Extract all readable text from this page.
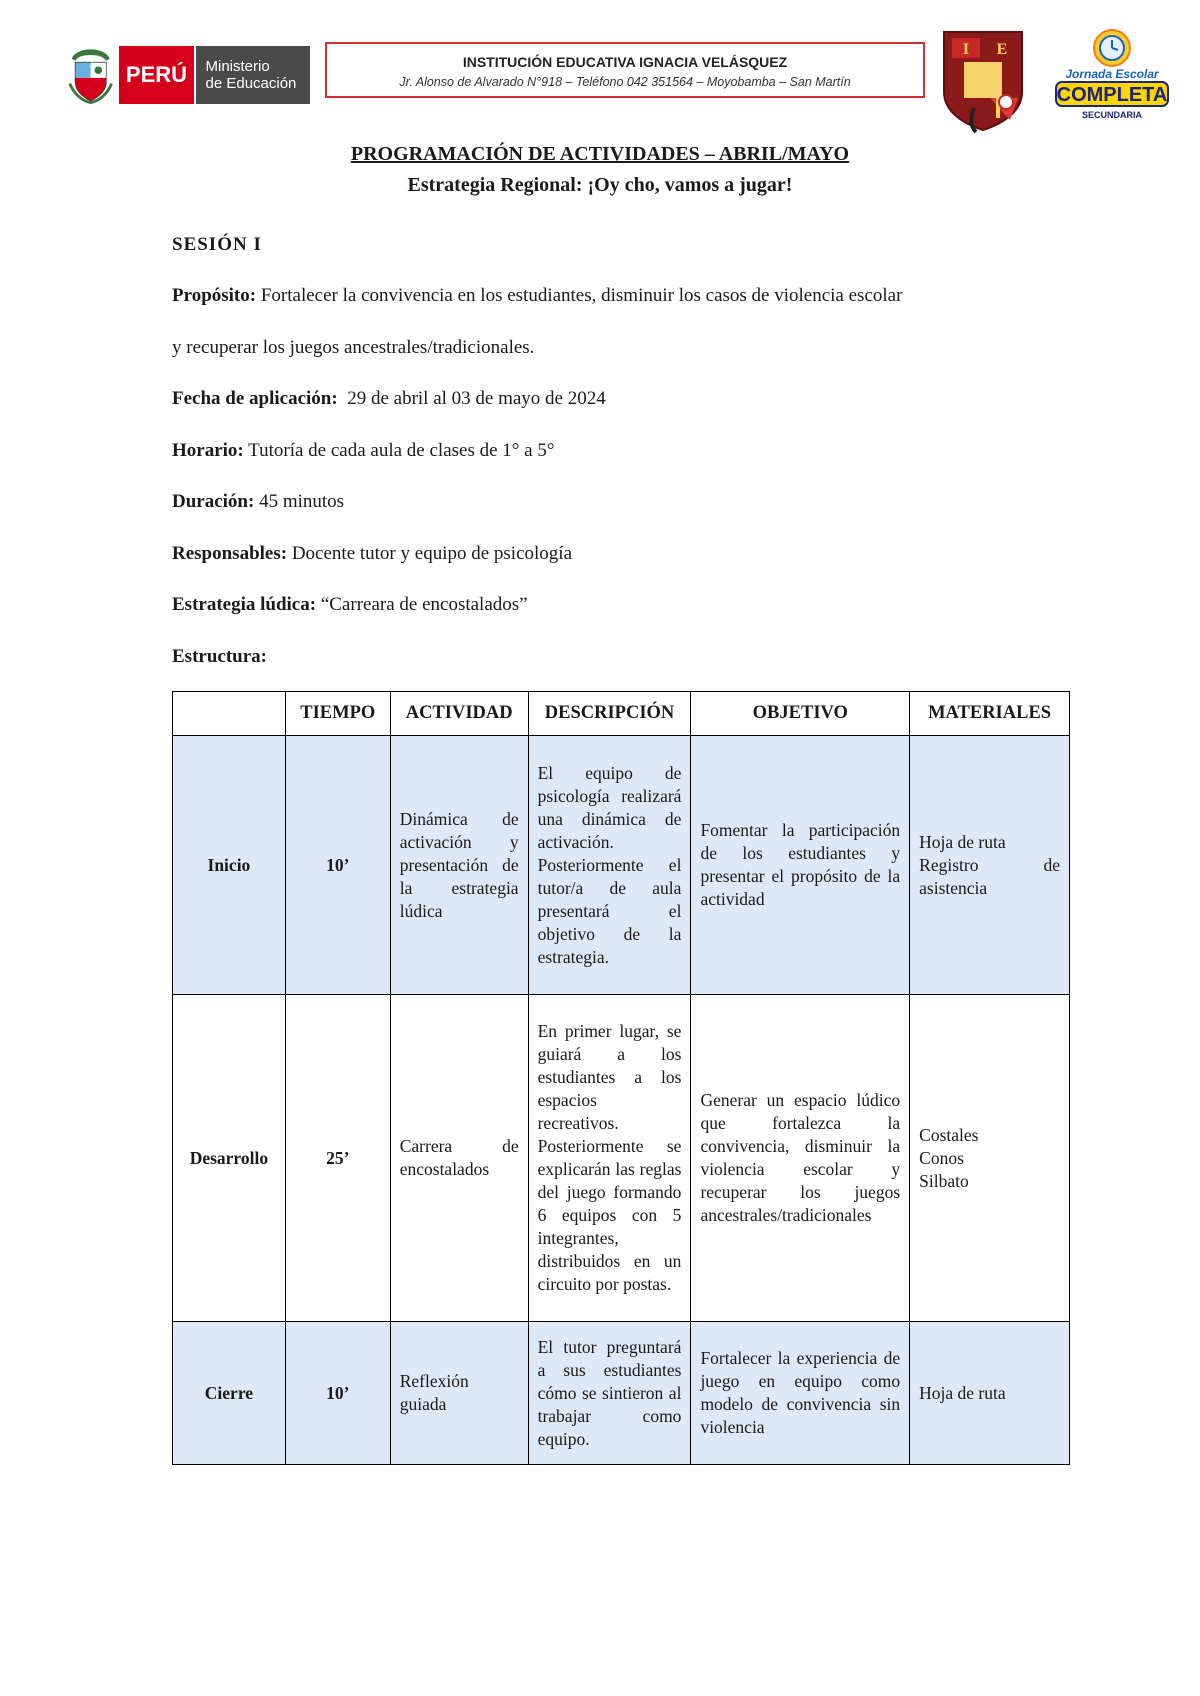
PERÚ	Ministerio
de Educación
INSTITUCIÓN EDUCATIVA IGNACIA VELÁSQUEZ
Jr. Alonso de Alvarado N°918 – Teléfono 042 351564 – Moyobamba – San Martín
I E
Jornada Escolar
COMPLETA
SECUNDARIA
PROGRAMACIÓN DE ACTIVIDADES – ABRIL/MAYO
Estrategia Regional: ¡Oy cho, vamos a jugar!
SESIÓN I
Propósito: Fortalecer la convivencia en los estudiantes, disminuir los casos de violencia escolar
y recuperar los juegos ancestrales/tradicionales.
Fecha de aplicación:  29 de abril al 03 de mayo de 2024
Horario: Tutoría de cada aula de clases de 1° a 5°
Duración: 45 minutos
Responsables: Docente tutor y equipo de psicología
Estrategia lúdica: “Carreara de encostalados”
Estructura:
	TIEMPO	ACTIVIDAD	DESCRIPCIÓN	OBJETIVO	MATERIALES
Inicio	10’	Dinámica de activación y presentación de la estrategia lúdica	El equipo de psicología realizará una dinámica de activación. Posteriormente el tutor/a de aula presentará el objetivo de la estrategia.	Fomentar la participación de los estudiantes y presentar el propósito de la actividad	Hoja de ruta
Registro de asistencia

Desarrollo	25’	Carrera de encostalados	En primer lugar, se guiará a los estudiantes a los espacios recreativos. Posteriormente se explicarán las reglas del juego formando 6 equipos con 5 integrantes, distribuidos en un circuito por postas.	Generar un espacio lúdico que fortalezca la convivencia, disminuir la violencia escolar y recuperar los juegos ancestrales/tradicionales	Costales
Conos
Silbato

Cierre	10’	Reflexión guiada	El tutor preguntará a sus estudiantes cómo se sintieron al trabajar como equipo.	Fortalecer la experiencia de juego en equipo como modelo de convivencia sin violencia	Hoja de ruta
